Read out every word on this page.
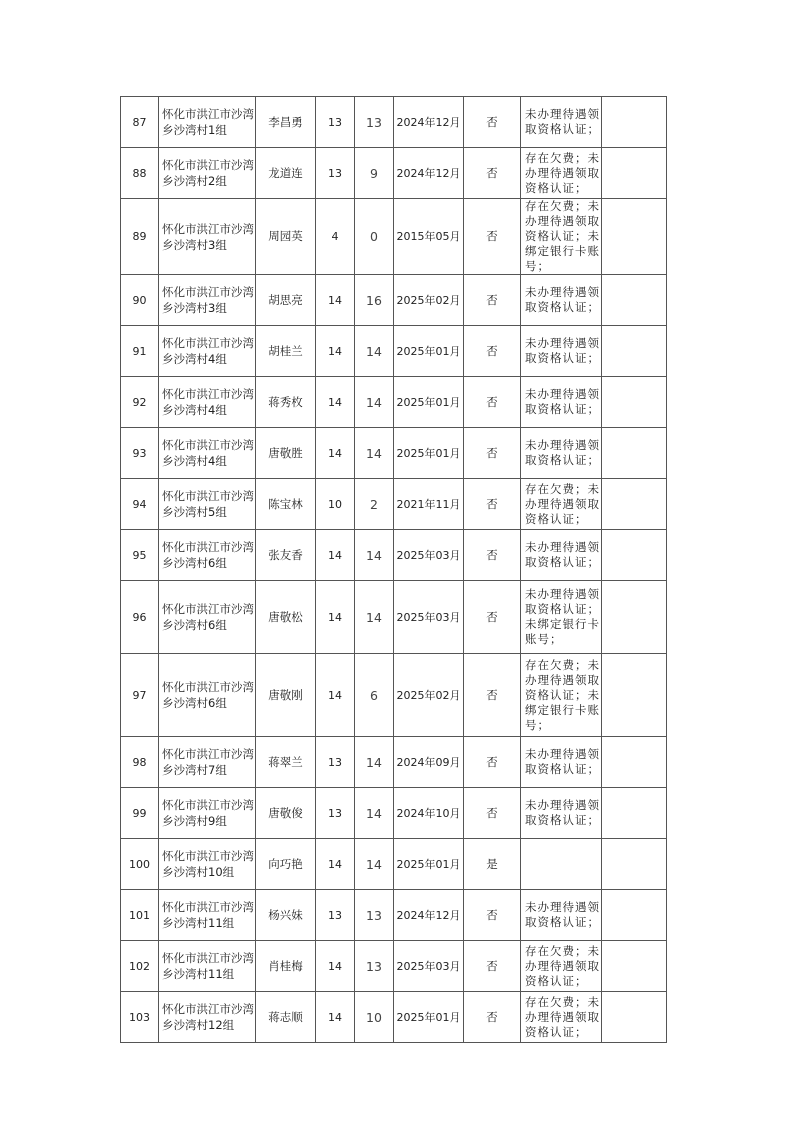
87	怀化市洪江市沙湾乡沙湾村1组	李昌勇	13	13	2024年12月	否	未办理待遇领取资格认证；	

88	怀化市洪江市沙湾乡沙湾村2组	龙道连	13	9	2024年12月	否	存在欠费；未办理待遇领取资格认证；	

89	怀化市洪江市沙湾乡沙湾村3组	周园英	4	0	2015年05月	否	存在欠费；未办理待遇领取资格认证；未绑定银行卡账号；	

90	怀化市洪江市沙湾乡沙湾村3组	胡思亮	14	16	2025年02月	否	未办理待遇领取资格认证；	

91	怀化市洪江市沙湾乡沙湾村4组	胡桂兰	14	14	2025年01月	否	未办理待遇领取资格认证；	

92	怀化市洪江市沙湾乡沙湾村4组	蒋秀枚	14	14	2025年01月	否	未办理待遇领取资格认证；	

93	怀化市洪江市沙湾乡沙湾村4组	唐敬胜	14	14	2025年01月	否	未办理待遇领取资格认证；	

94	怀化市洪江市沙湾乡沙湾村5组	陈宝林	10	2	2021年11月	否	存在欠费；未办理待遇领取资格认证；	

95	怀化市洪江市沙湾乡沙湾村6组	张友香	14	14	2025年03月	否	未办理待遇领取资格认证；	

96	怀化市洪江市沙湾乡沙湾村6组	唐敬松	14	14	2025年03月	否	未办理待遇领取资格认证；未绑定银行卡账号；	

97	怀化市洪江市沙湾乡沙湾村6组	唐敬刚	14	6	2025年02月	否	存在欠费；未办理待遇领取资格认证；未绑定银行卡账号；	

98	怀化市洪江市沙湾乡沙湾村7组	蒋翠兰	13	14	2024年09月	否	未办理待遇领取资格认证；	

99	怀化市洪江市沙湾乡沙湾村9组	唐敬俊	13	14	2024年10月	否	未办理待遇领取资格认证；	

100	怀化市洪江市沙湾乡沙湾村10组	向巧艳	14	14	2025年01月	是	

101	怀化市洪江市沙湾乡沙湾村11组	杨兴妹	13	13	2024年12月	否	未办理待遇领取资格认证；	

102	怀化市洪江市沙湾乡沙湾村11组	肖桂梅	14	13	2025年03月	否	存在欠费；未办理待遇领取资格认证；	

103	怀化市洪江市沙湾乡沙湾村12组	蒋志顺	14	10	2025年01月	否	存在欠费；未办理待遇领取资格认证；	
